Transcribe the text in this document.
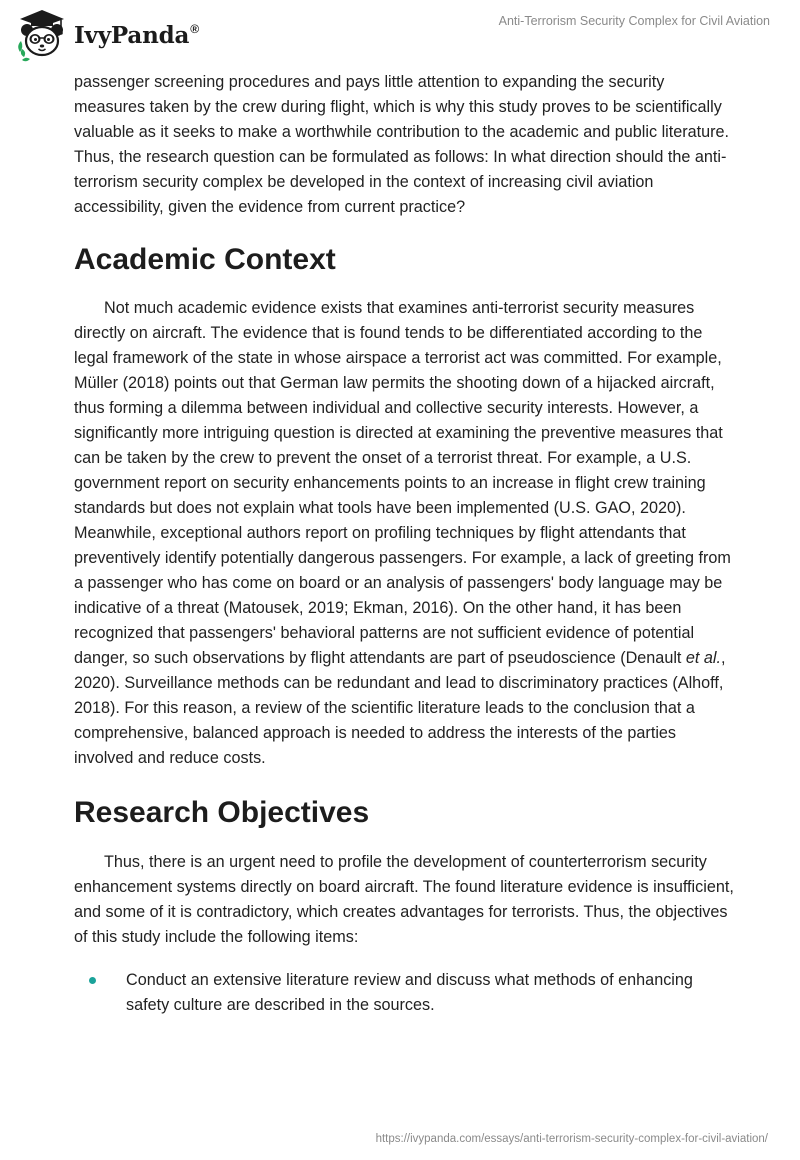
IvyPanda®
Anti-Terrorism Security Complex for Civil Aviation

passenger screening procedures and pays little attention to expanding the security measures taken by the crew during flight, which is why this study proves to be scientifically valuable as it seeks to make a worthwhile contribution to the academic and public literature. Thus, the research question can be formulated as follows: In what direction should the anti-terrorism security complex be developed in the context of increasing civil aviation accessibility, given the evidence from current practice?

Academic Context

Not much academic evidence exists that examines anti-terrorist security measures directly on aircraft. The evidence that is found tends to be differentiated according to the legal framework of the state in whose airspace a terrorist act was committed. For example, Müller (2018) points out that German law permits the shooting down of a hijacked aircraft, thus forming a dilemma between individual and collective security interests. However, a significantly more intriguing question is directed at examining the preventive measures that can be taken by the crew to prevent the onset of a terrorist threat. For example, a U.S. government report on security enhancements points to an increase in flight crew training standards but does not explain what tools have been implemented (U.S. GAO, 2020). Meanwhile, exceptional authors report on profiling techniques by flight attendants that preventively identify potentially dangerous passengers. For example, a lack of greeting from a passenger who has come on board or an analysis of passengers' body language may be indicative of a threat (Matousek, 2019; Ekman, 2016). On the other hand, it has been recognized that passengers' behavioral patterns are not sufficient evidence of potential danger, so such observations by flight attendants are part of pseudoscience (Denault et al., 2020). Surveillance methods can be redundant and lead to discriminatory practices (Alhoff, 2018). For this reason, a review of the scientific literature leads to the conclusion that a comprehensive, balanced approach is needed to address the interests of the parties involved and reduce costs.

Research Objectives

Thus, there is an urgent need to profile the development of counterterrorism security enhancement systems directly on board aircraft. The found literature evidence is insufficient, and some of it is contradictory, which creates advantages for terrorists. Thus, the objectives of this study include the following items:

Conduct an extensive literature review and discuss what methods of enhancing safety culture are described in the sources.
https://ivypanda.com/essays/anti-terrorism-security-complex-for-civil-aviation/
